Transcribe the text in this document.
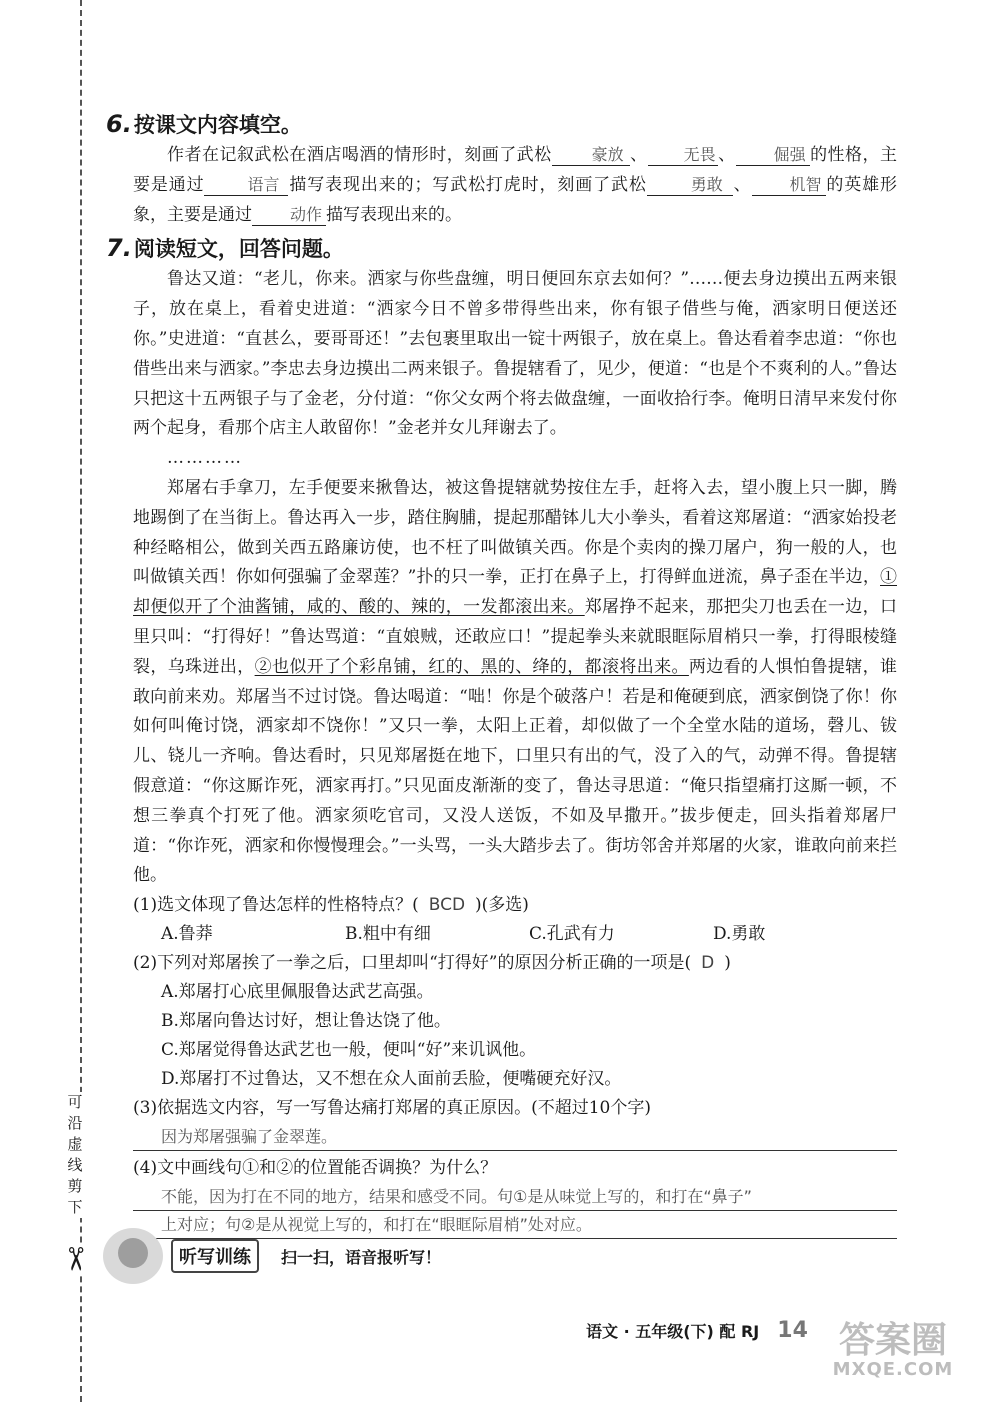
可沿虚线剪下
✂
6.按课文内容填空。
作者在记叙武松在酒店喝酒的情形时，刻画了武松 豪放 、 无畏 、 倔强 的性格，主要是通过	语言 描写表现出来的；写武松打虎时，刻画了武松	勇敢 、 机智 的英雄形象，主要是通过 动作 描写表现出来的。
7.阅读短文，回答问题。
鲁达又道：“老儿，你来。洒家与你些盘缠，明日便回东京去如何？”……便去身边摸出五两来银子，放在桌上，看着史进道：“洒家今日不曾多带得些出来，你有银子借些与俺，洒家明日便送还你。”史进道：“直甚么，要哥哥还！”去包裹里取出一锭十两银子，放在桌上。鲁达看着李忠道：“你也借些出来与洒家。”李忠去身边摸出二两来银子。鲁提辖看了，见少，便道：“也是个不爽利的人。”鲁达只把这十五两银子与了金老，分付道：“你父女两个将去做盘缠，一面收拾行李。俺明日清早来发付你两个起身，看那个店主人敢留你！”金老并女儿拜谢去了。
…………
郑屠右手拿刀，左手便要来揪鲁达，被这鲁提辖就势按住左手，赶将入去，望小腹上只一脚，腾地踢倒了在当街上。鲁达再入一步，踏住胸脯，提起那醋钵儿大小拳头，看着这郑屠道：“洒家始投老种经略相公，做到关西五路廉访使，也不枉了叫做镇关西。你是个卖肉的操刀屠户，狗一般的人，也叫做镇关西！你如何强骗了金翠莲？”扑的只一拳，正打在鼻子上，打得鲜血迸流，鼻子歪在半边，①却便似开了个油酱铺，咸的、酸的、辣的，一发都滚出来。郑屠挣不起来，那把尖刀也丢在一边，口里只叫：“打得好！”鲁达骂道：“直娘贼，还敢应口！”提起拳头来就眼眶际眉梢只一拳，打得眼棱缝裂，乌珠迸出，②也似开了个彩帛铺，红的、黑的、绛的，都滚将出来。两边看的人惧怕鲁提辖，谁敢向前来劝。郑屠当不过讨饶。鲁达喝道：“咄！你是个破落户！若是和俺硬到底，洒家倒饶了你！你如何叫俺讨饶，洒家却不饶你！”又只一拳，太阳上正着，却似做了一个全堂水陆的道场，磬儿、钹儿、铙儿一齐响。鲁达看时，只见郑屠挺在地下，口里只有出的气，没了入的气，动弹不得。鲁提辖假意道：“你这厮诈死，洒家再打。”只见面皮渐渐的变了，鲁达寻思道：“俺只指望痛打这厮一顿，不想三拳真个打死了他。洒家须吃官司，又没人送饭，不如及早撒开。”拔步便走，回头指着郑屠尸道：“你诈死，洒家和你慢慢理会。”一头骂，一头大踏步去了。街坊邻舍并郑屠的火家，谁敢向前来拦他。
(1)选文体现了鲁达怎样的性格特点？( BCD )(多选)
A.鲁莽	B.粗中有细	C.孔武有力	D.勇敢
(2)下列对郑屠挨了一拳之后，口里却叫“打得好”的原因分析正确的一项是( D )
A.郑屠打心底里佩服鲁达武艺高强。
B.郑屠向鲁达讨好，想让鲁达饶了他。
C.郑屠觉得鲁达武艺也一般，便叫“好”来讥讽他。
D.郑屠打不过鲁达，又不想在众人面前丢脸，便嘴硬充好汉。
(3)依据选文内容，写一写鲁达痛打郑屠的真正原因。(不超过10个字)
因为郑屠强骗了金翠莲。
(4)文中画线句①和②的位置能否调换？为什么？
不能，因为打在不同的地方，结果和感受不同。句①是从味觉上写的，和打在“鼻子”
上对应；句②是从视觉上写的，和打在“眼眶际眉梢”处对应。
听写训练	扫一扫，语音报听写！
语文 · 五年级(下) 配 RJ 14 答案圈
MXQE.COM
